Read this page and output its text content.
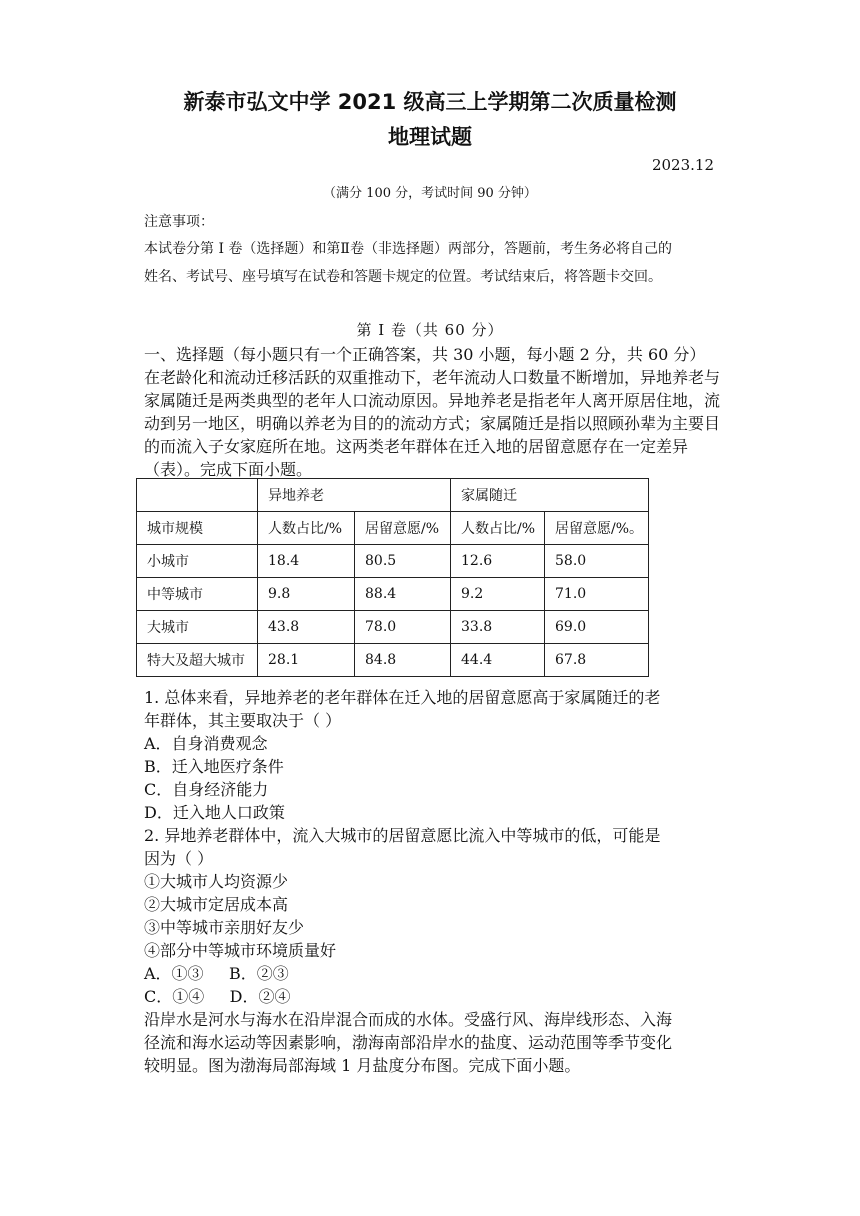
新泰市弘文中学 2021 级高三上学期第二次质量检测
地理试题
2023.12
（满分 100 分，考试时间 90 分钟）
注意事项：
本试卷分第 I 卷（选择题）和第Ⅱ卷（非选择题）两部分，答题前，考生务必将自己的
姓名、考试号、座号填写在试卷和答题卡规定的位置。考试结束后，将答题卡交回。
第 I 卷（共 60 分）
一、选择题（每小题只有一个正确答案，共 30 小题，每小题 2 分，共 60 分）
在老龄化和流动迁移活跃的双重推动下，老年流动人口数量不断增加，异地养老与家属随迁是两类典型的老年人口流动原因。异地养老是指老年人离开原居住地，流动到另一地区，明确以养老为目的的流动方式；家属随迁是指以照顾孙辈为主要目的而流入子女家庭所在地。这两类老年群体在迁入地的居留意愿存在一定差异（表）。完成下面小题。
	异地养老		家属随迁	
城市规模	人数占比/%	居留意愿/%	人数占比/%	居留意愿/%。
小城市	18.4	80.5	12.6	58.0
中等城市	9.8	88.4	9.2	71.0
大城市	43.8	78.0	33.8	69.0
特大及超大城市	28.1	84.8	44.4	67.8
1. 总体来看，异地养老的老年群体在迁入地的居留意愿高于家属随迁的老
年群体，其主要取决于（ ）
A．自身消费观念
B．迁入地医疗条件
C．自身经济能力
D．迁入地人口政策
2. 异地养老群体中，流入大城市的居留意愿比流入中等城市的低，可能是
因为（ ）
①大城市人均资源少
②大城市定居成本高
③中等城市亲朋好友少
④部分中等城市环境质量好
A．①③     B．②③
C．①④     D．②④
沿岸水是河水与海水在沿岸混合而成的水体。受盛行风、海岸线形态、入海
径流和海水运动等因素影响，渤海南部沿岸水的盐度、运动范围等季节变化
较明显。图为渤海局部海域 1 月盐度分布图。完成下面小题。
